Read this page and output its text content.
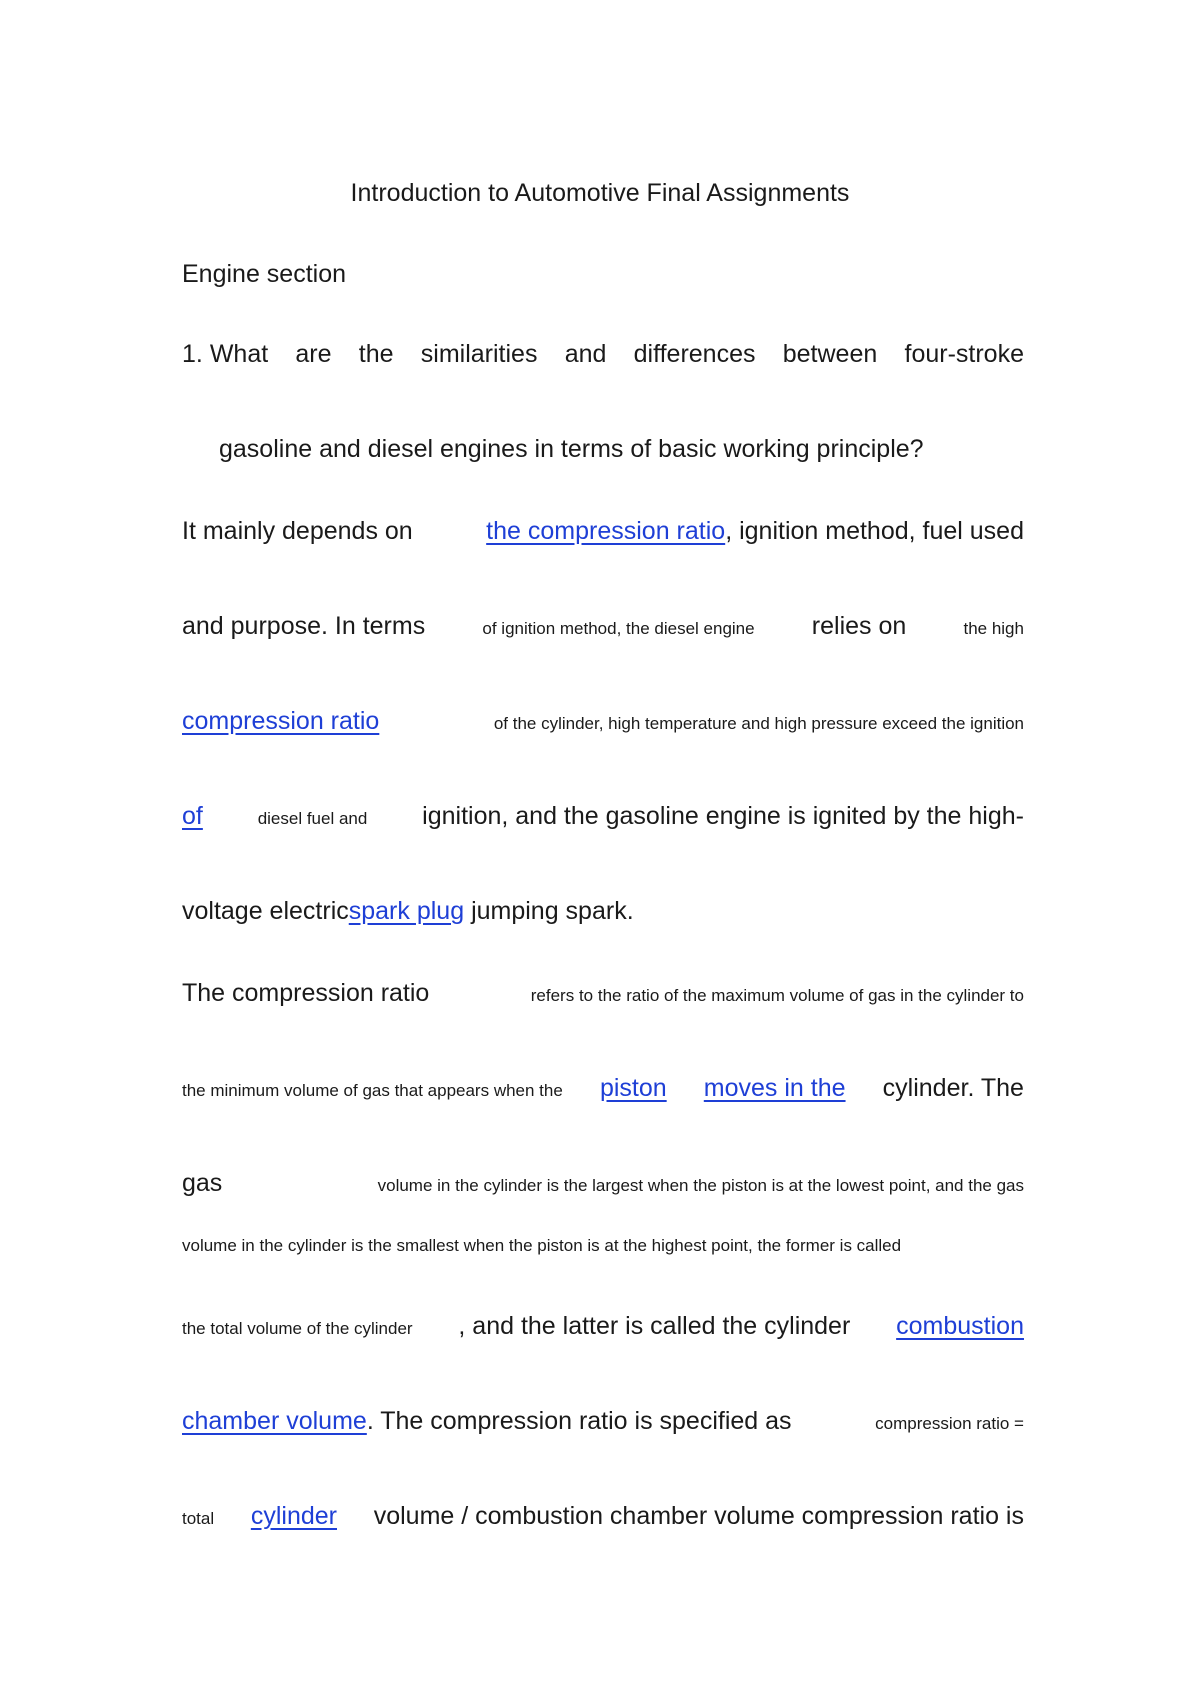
Introduction to Automotive Final Assignments
Engine section
1. What are the similarities and differences between four-stroke
gasoline and diesel engines in terms of basic working principle?
It mainly depends on	the compression ratio, ignition method, fuel used
and purpose. In terms	of ignition method, the diesel engine relies on	the high
compression ratio	of the cylinder, high temperature and high pressure exceed the ignition
of	diesel fuel and ignition, and the gasoline engine is ignited by the high-
voltage electricspark plug jumping spark.
The compression ratio	refers to the ratio of the maximum volume of gas in the cylinder to
the minimum volume of gas that appears when the piston moves in the cylinder. The
gas	volume in the cylinder is the largest when the piston is at the lowest point, and the gas
volume in the cylinder is the smallest when the piston is at the highest point, the former is called
the total volume of the cylinder , and the latter is called the cylinder combustion
chamber volume. The compression ratio is specified as	compression ratio =
total cylinder volume / combustion chamber volume compression ratio is
